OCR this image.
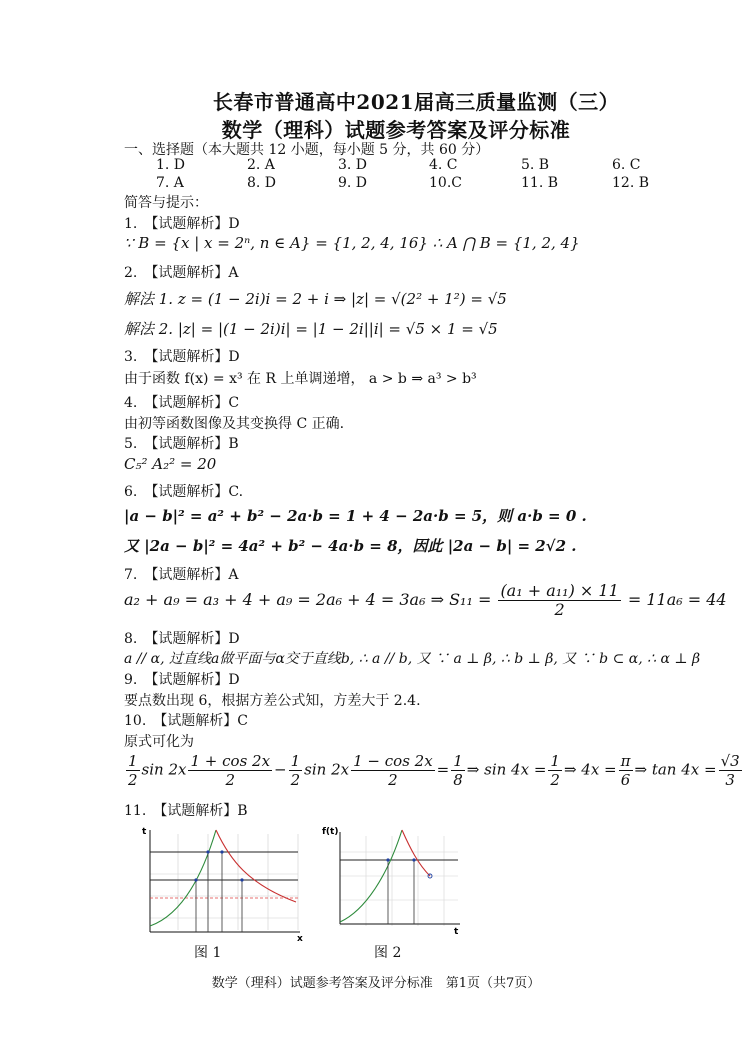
长春市普通高中2021届高三质量监测（三）
数学（理科）试题参考答案及评分标准
一、选择题（本大题共 12 小题，每小题 5 分，共 60 分）
1. D	2. A	3. D	4. C	5. B	6. C
7. A	8. D	9. D	10.C	11. B	12. B
简答与提示：
1.　【试题解析】D
∵ B = {x | x = 2ⁿ, n ∈ A} = {1, 2, 4, 16} ∴ A ⋂ B = {1, 2, 4}
2.　【试题解析】A
解法 1. z = (1 − 2i)i = 2 + i ⇒ |z| = √(2² + 1²) = √5
解法 2. |z| = |(1 − 2i)i| = |1 − 2i||i| = √5 × 1 = √5
3.　【试题解析】D
由于函数 f(x) = x³ 在 R 上单调递增， a > b ⇒ a³ > b³
4.　【试题解析】C
由初等函数图像及其变换得 C 正确.
5.　【试题解析】B
C₅² A₂² = 20
6.　【试题解析】C.
|a − b|² = a² + b² − 2a·b = 1 + 4 − 2a·b = 5，则 a·b = 0 .
又 |2a − b|² = 4a² + b² − 4a·b = 8，因此 |2a − b| = 2√2 .
7.　【试题解析】A
a₂ + a₉ = a₃ + 4 + a₉ = 2a₆ + 4 = 3a₆ ⇒ $S_{11} = \frac{\text{(a₁ + a₁₁) × 11}}{2} = 11a_6 = 44$
8.　【试题解析】D
a // α, 过直线a做平面与α交于直线b, ∴ a // b, 又 ∵ a ⊥ β, ∴ b ⊥ β, 又 ∵ b ⊂ α, ∴ α ⊥ β
9.　【试题解析】D
要点数出现 6，根据方差公式知，方差大于 2.4.
10.　【试题解析】C
原式可化为
$\frac{1}{2}$ $\sin 2x \frac{1 + \cos 2x}{2} - \frac{1}{2}$ $\sin 2x \frac{1 - \cos 2x}{2} = \frac{1}{8}$ ⇒ $\sin 4x = \frac{1}{2}$ ⇒ $4x = \frac{\pi}{6}$ ⇒ $\tan 4x = \frac{√3}{3}$
11.　【试题解析】B
t
x
图 1
f(t)
t
图 2
数学（理科）试题参考答案及评分标准　第1页（共7页）
